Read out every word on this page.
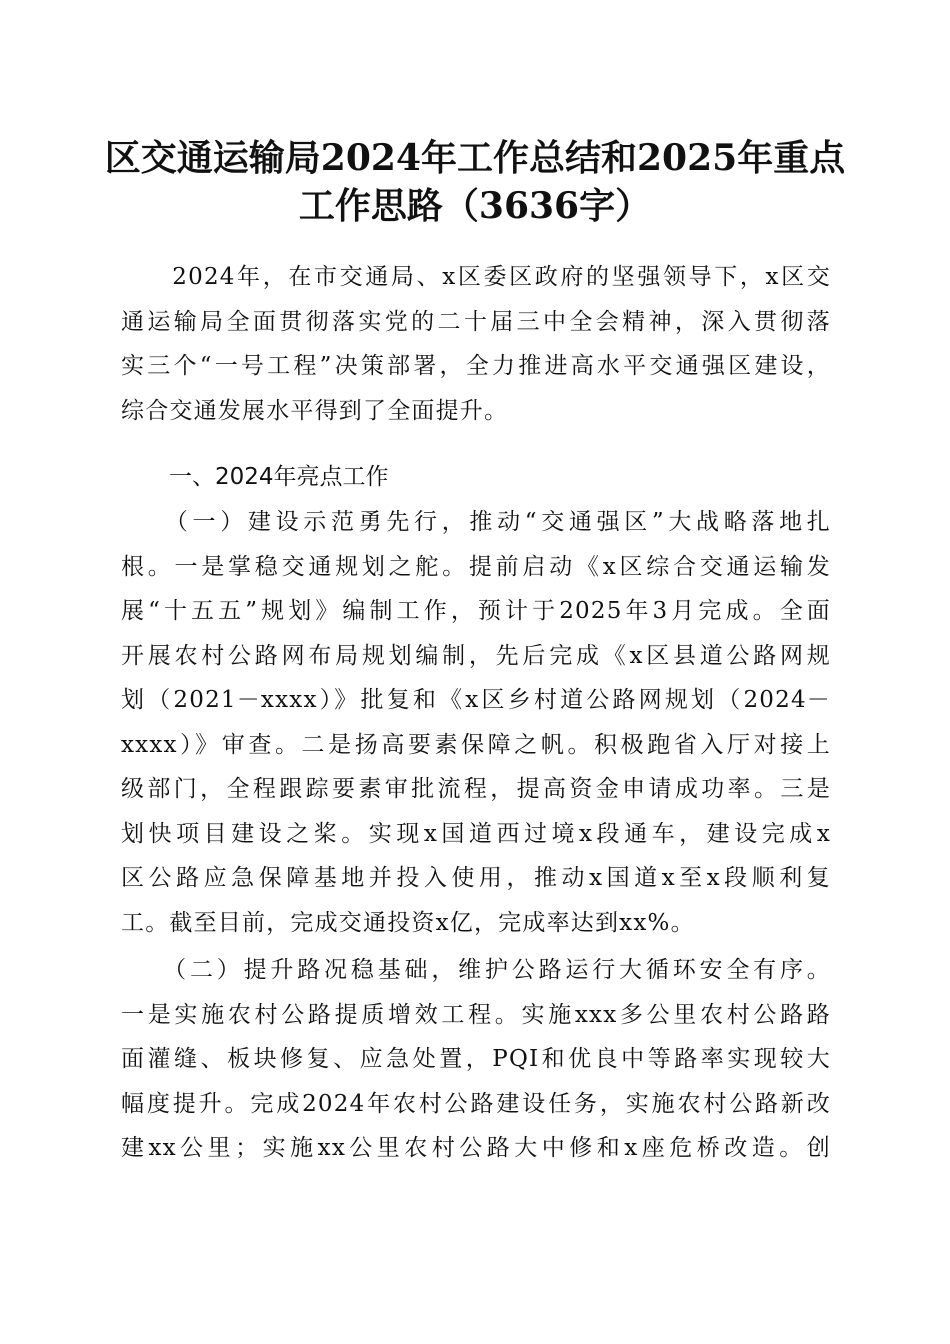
区交通运输局2024年工作总结和2025年重点
工作思路（3636字）
　　2024年，在市交通局、x区委区政府的坚强领导下，x区交
通运输局全面贯彻落实党的二十届三中全会精神，深入贯彻落
实三个“一号工程”决策部署，全力推进高水平交通强区建设，
综合交通发展水平得到了全面提升。
一、2024年亮点工作
　　（一）建设示范勇先行，推动“交通强区”大战略落地扎
根。一是掌稳交通规划之舵。提前启动《x区综合交通运输发
展“十五五”规划》编制工作，预计于2025年3月完成。全面
开展农村公路网布局规划编制，先后完成《x区县道公路网规
划（2021－xxxx）》批复和《x区乡村道公路网规划（2024－
xxxx）》审查。二是扬高要素保障之帆。积极跑省入厅对接上
级部门，全程跟踪要素审批流程，提高资金申请成功率。三是
划快项目建设之桨。实现x国道西过境x段通车，建设完成x
区公路应急保障基地并投入使用，推动x国道x至x段顺利复
工。截至目前，完成交通投资x亿，完成率达到xx%。
　　（二）提升路况稳基础，维护公路运行大循环安全有序。
一是实施农村公路提质增效工程。实施xxx多公里农村公路路
面灌缝、板块修复、应急处置，PQI和优良中等路率实现较大
幅度提升。完成2024年农村公路建设任务，实施农村公路新改
建xx公里；实施xx公里农村公路大中修和x座危桥改造。创
